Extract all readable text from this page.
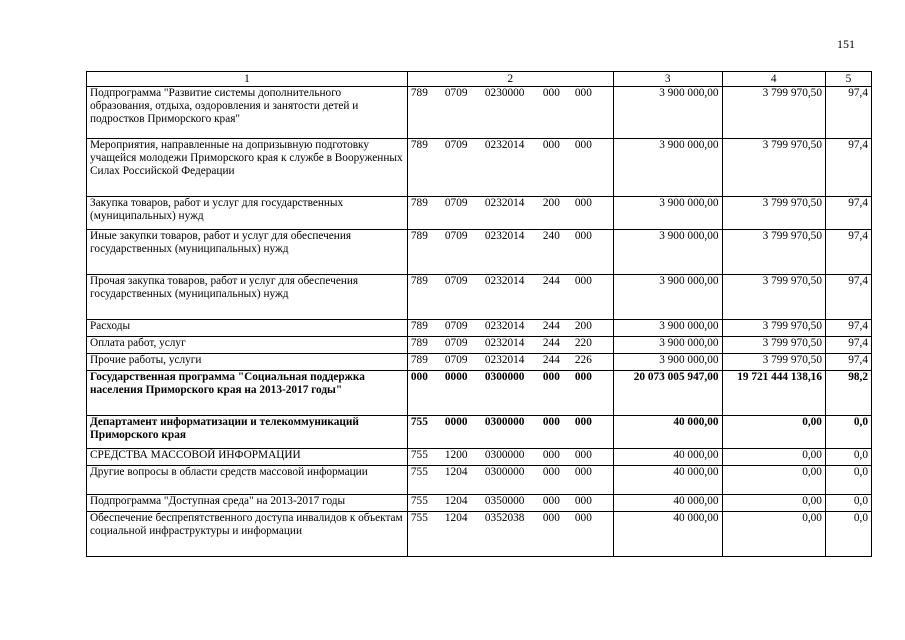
151
1	2	3	4	5
Подпрограмма "Развитие системы дополнительного образования, отдыха, оздоровления и занятости детей и подростков Приморского края"	789 0709 0230000 000 000	3 900 000,00	3 799 970,50	97,4
Мероприятия, направленные на допризывную подготовку учащейся молодежи Приморского края к службе в Вооруженных Силах Российской Федерации	789 0709 0232014 000 000	3 900 000,00	3 799 970,50	97,4
Закупка товаров, работ и услуг для государственных (муниципальных) нужд	789 0709 0232014 200 000	3 900 000,00	3 799 970,50	97,4
Иные закупки товаров, работ и услуг для обеспечения государственных (муниципальных) нужд	789 0709 0232014 240 000	3 900 000,00	3 799 970,50	97,4
Прочая закупка товаров, работ и услуг для обеспечения государственных (муниципальных) нужд	789 0709 0232014 244 000	3 900 000,00	3 799 970,50	97,4
Расходы	789 0709 0232014 244 200	3 900 000,00	3 799 970,50	97,4
Оплата работ, услуг	789 0709 0232014 244 220	3 900 000,00	3 799 970,50	97,4
Прочие работы, услуги	789 0709 0232014 244 226	3 900 000,00	3 799 970,50	97,4
Государственная программа "Социальная поддержка населения Приморского края на 2013-2017 годы"	000 0000 0300000 000 000	20 073 005 947,00	19 721 444 138,16	98,2
Департамент информатизации и телекоммуникаций Приморского края	755 0000 0300000 000 000	40 000,00	0,00	0,0
СРЕДСТВА МАССОВОЙ ИНФОРМАЦИИ	755 1200 0300000 000 000	40 000,00	0,00	0,0
Другие вопросы в области средств массовой информации	755 1204 0300000 000 000	40 000,00	0,00	0,0
Подпрограмма "Доступная среда" на 2013-2017 годы	755 1204 0350000 000 000	40 000,00	0,00	0,0
Обеспечение беспрепятственного доступа инвалидов к объектам социальной инфраструктуры и информации	755 1204 0352038 000 000	40 000,00	0,00	0,0
